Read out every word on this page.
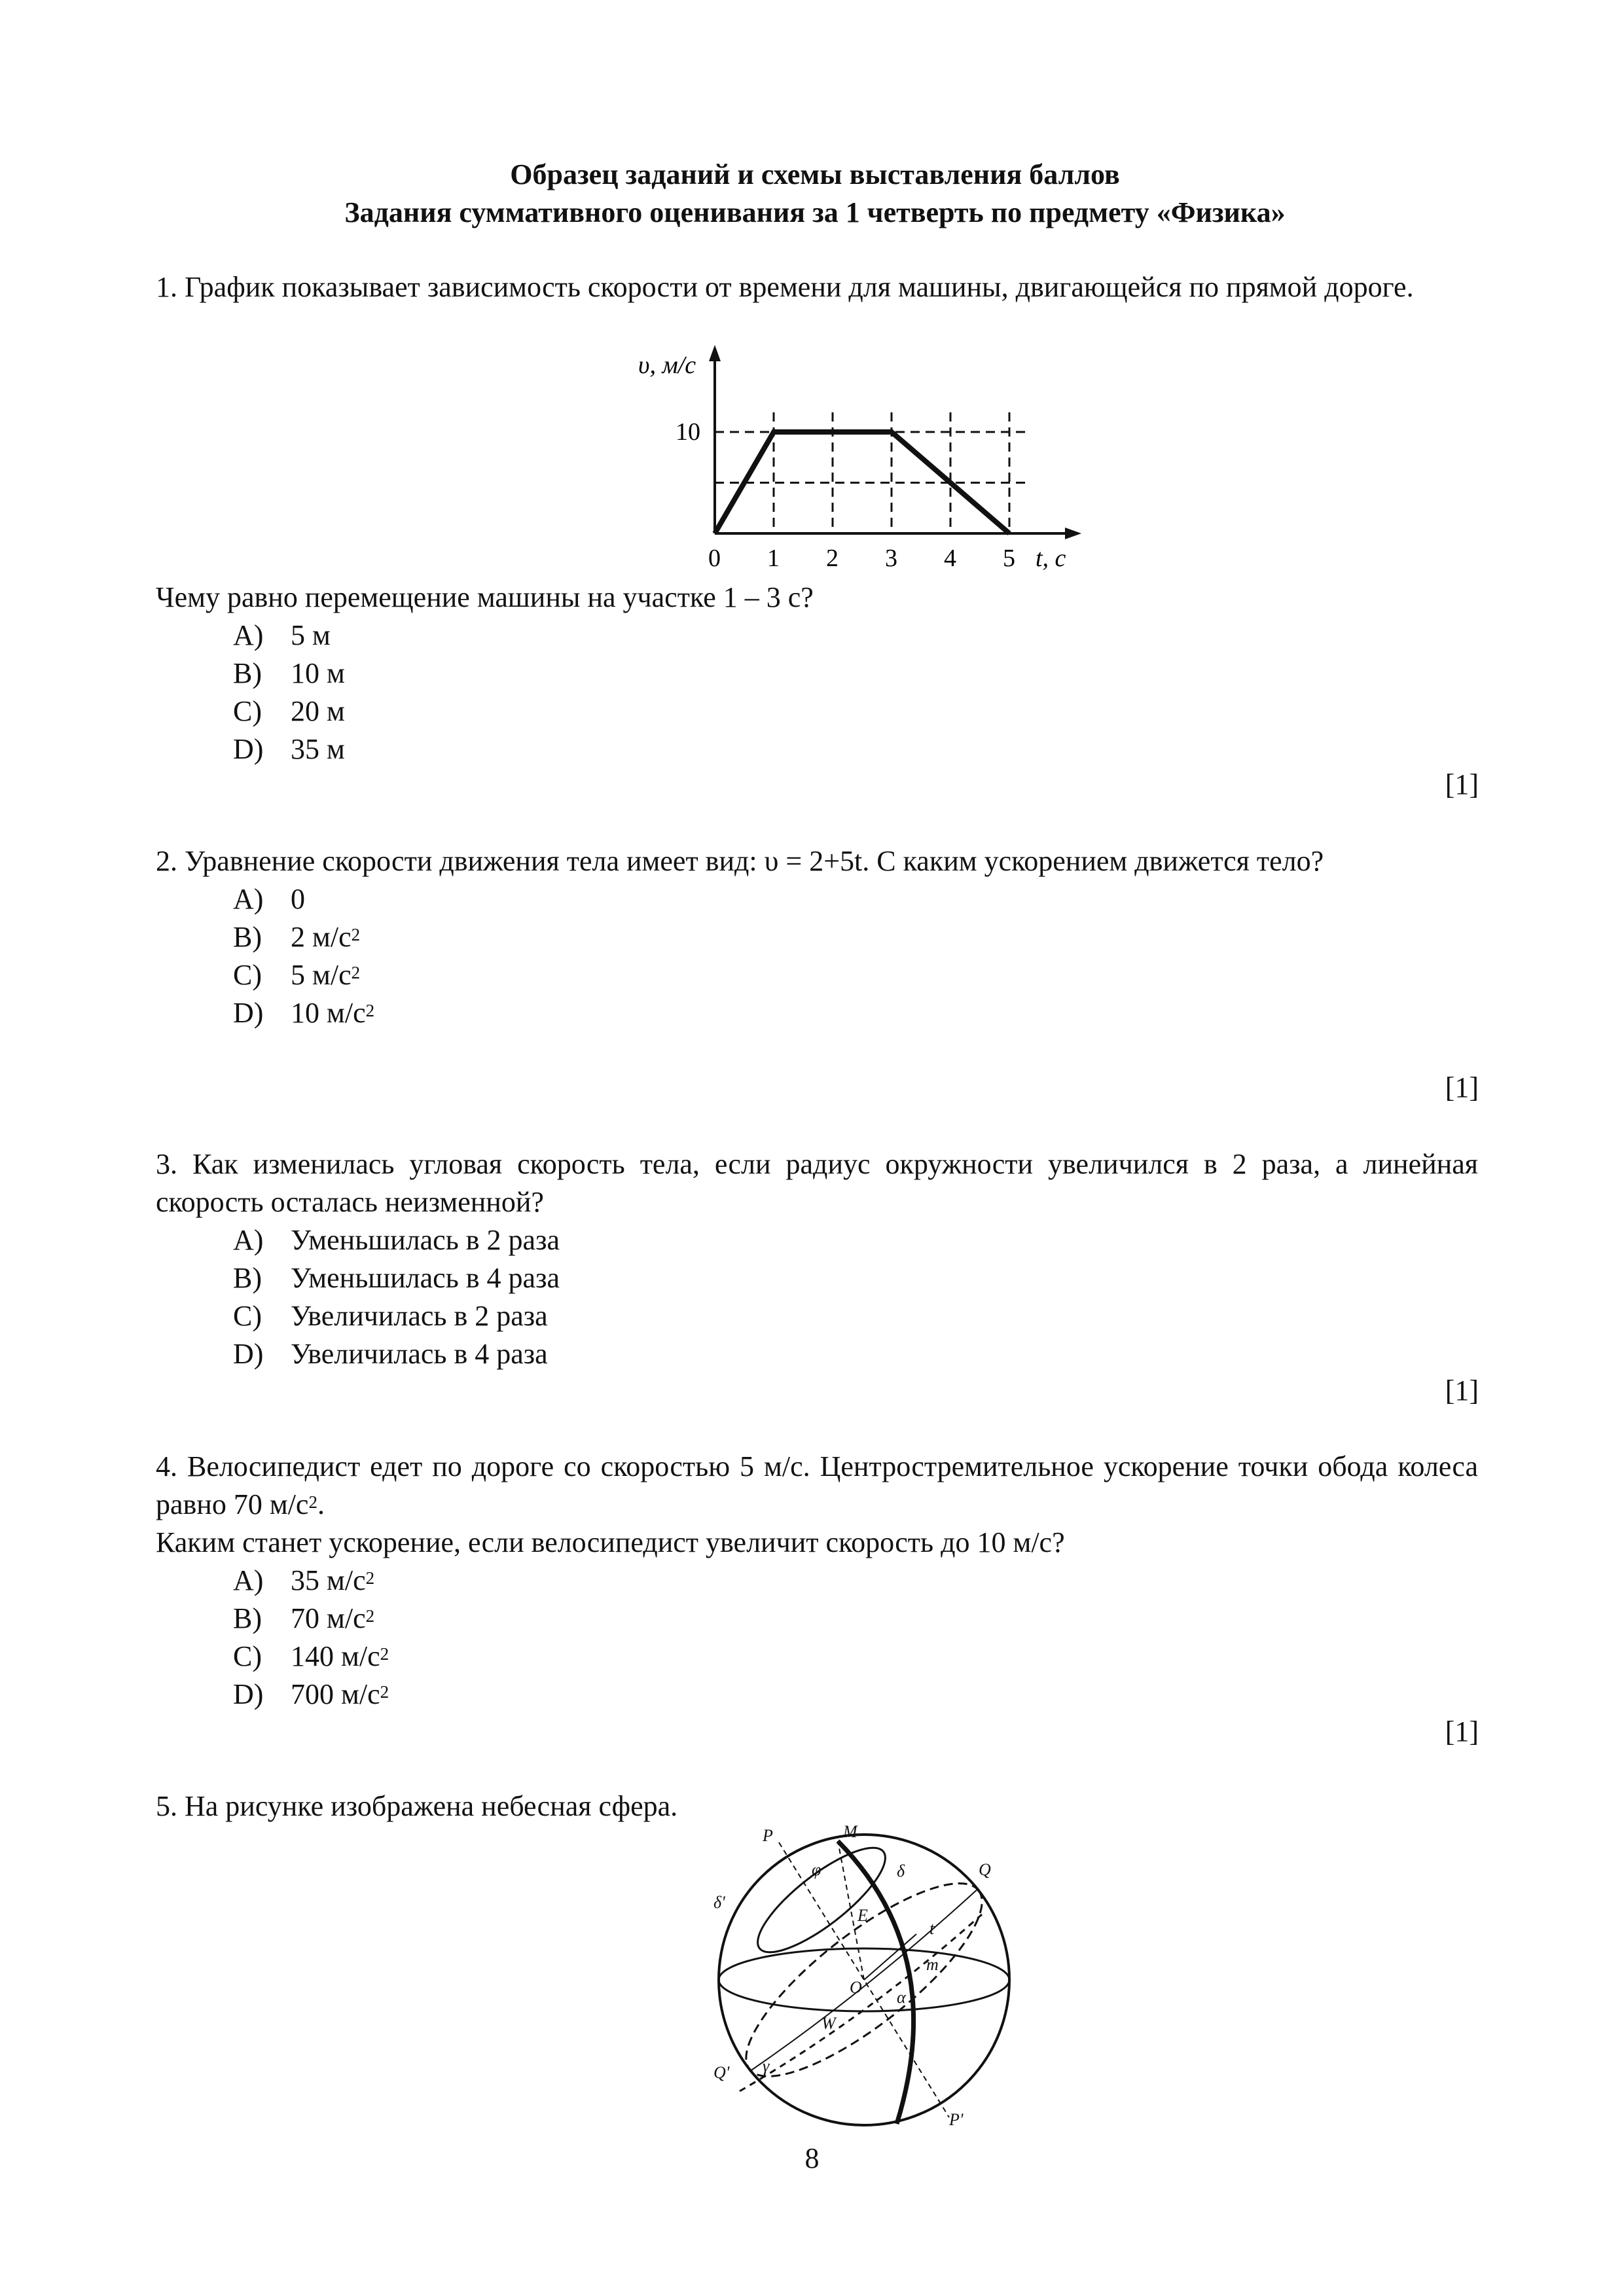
Образец заданий и схемы выставления баллов
Задания суммативного оценивания за 1 четверть по предмету «Физика»

1. График показывает зависимость скорости от времени для машины, двигающейся по прямой дороге.

0 1 2 3 4 5
10
υ, м/с
t, с

Чему равно перемещение машины на участке 1 – 3 с?

A) 5 м
B) 10 м
C) 20 м
D) 35 м
[1]

2. Уравнение скорости движения тела имеет вид: υ = 2+5t. С каким ускорением движется тело?

A) 0
B) 2 $м/с^2$
C) 5 $м/с^2$
D) 10 $м/с^2$
[1]

3. Как изменилась угловая скорость тела, если радиус окружности увеличился в 2 раза, а линейная скорость осталась неизменной?

A) Уменьшилась в 2 раза
B) Уменьшилась в 4 раза
C) Увеличилась в 2 раза
D) Увеличилась в 4 раза
[1]

4. Велосипедист едет по дороге со скоростью 5 м/с. Центростремительное ускорение точки обода колеса равно 70 $м/с^2$.

Каким станет ускорение, если велосипедист увеличит скорость до 10 м/с?

A) 35 $м/с^2$
B) 70 $м/с^2$
C) 140 $м/с^2$
D) 700 $м/с^2$
[1]

5. На рисунке изображена небесная сфера.

P	M
δ	Q
δ'
φ
E
t
m
O
α
W
Q' γ
P'
8
